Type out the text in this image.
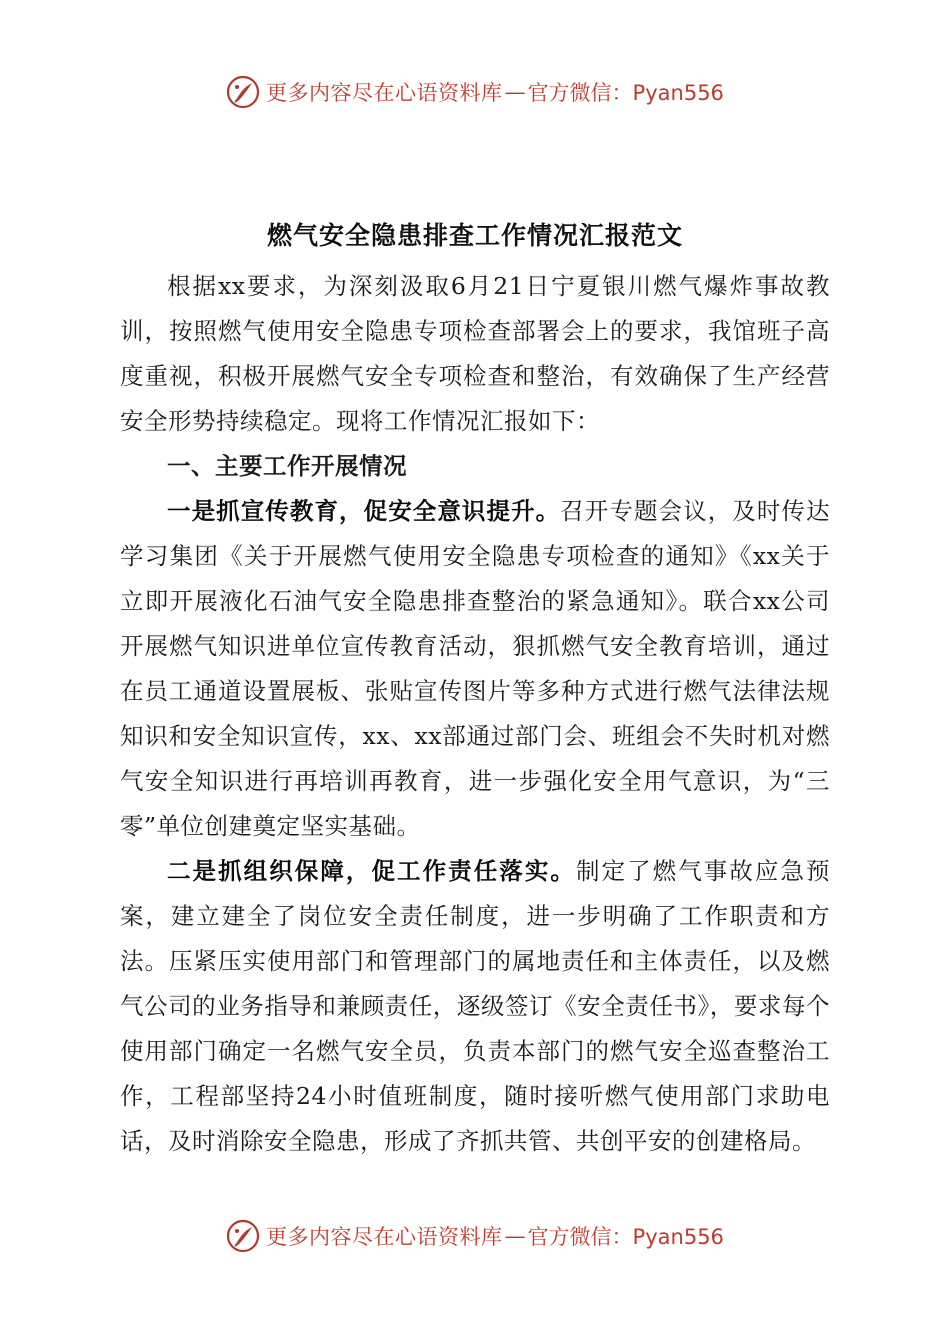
更多内容尽在心语资料库 — 官方微信：Pyan556
燃气安全隐患排查工作情况汇报范文

根据xx要求，为深刻汲取6月21日宁夏银川燃气爆炸事故教训，按照燃气使用安全隐患专项检查部署会上的要求，我馆班子高度重视，积极开展燃气安全专项检查和整治，有效确保了生产经营安全形势持续稳定。现将工作情况汇报如下：

一、主要工作开展情况

一是抓宣传教育，促安全意识提升。召开专题会议，及时传达学习集团《关于开展燃气使用安全隐患专项检查的通知》《xx关于立即开展液化石油气安全隐患排查整治的紧急通知》。联合xx公司开展燃气知识进单位宣传教育活动，狠抓燃气安全教育培训，通过在员工通道设置展板、张贴宣传图片等多种方式进行燃气法律法规知识和安全知识宣传，xx、xx部通过部门会、班组会不失时机对燃气安全知识进行再培训再教育，进一步强化安全用气意识，为“三零”单位创建奠定坚实基础。

二是抓组织保障，促工作责任落实。制定了燃气事故应急预案，建立建全了岗位安全责任制度，进一步明确了工作职责和方法。压紧压实使用部门和管理部门的属地责任和主体责任，以及燃气公司的业务指导和兼顾责任，逐级签订《安全责任书》，要求每个使用部门确定一名燃气安全员，负责本部门的燃气安全巡查整治工作，工程部坚持24小时值班制度，随时接听燃气使用部门求助电话，及时消除安全隐患，形成了齐抓共管、共创平安的创建格局。

更多内容尽在心语资料库 — 官方微信：Pyan556
